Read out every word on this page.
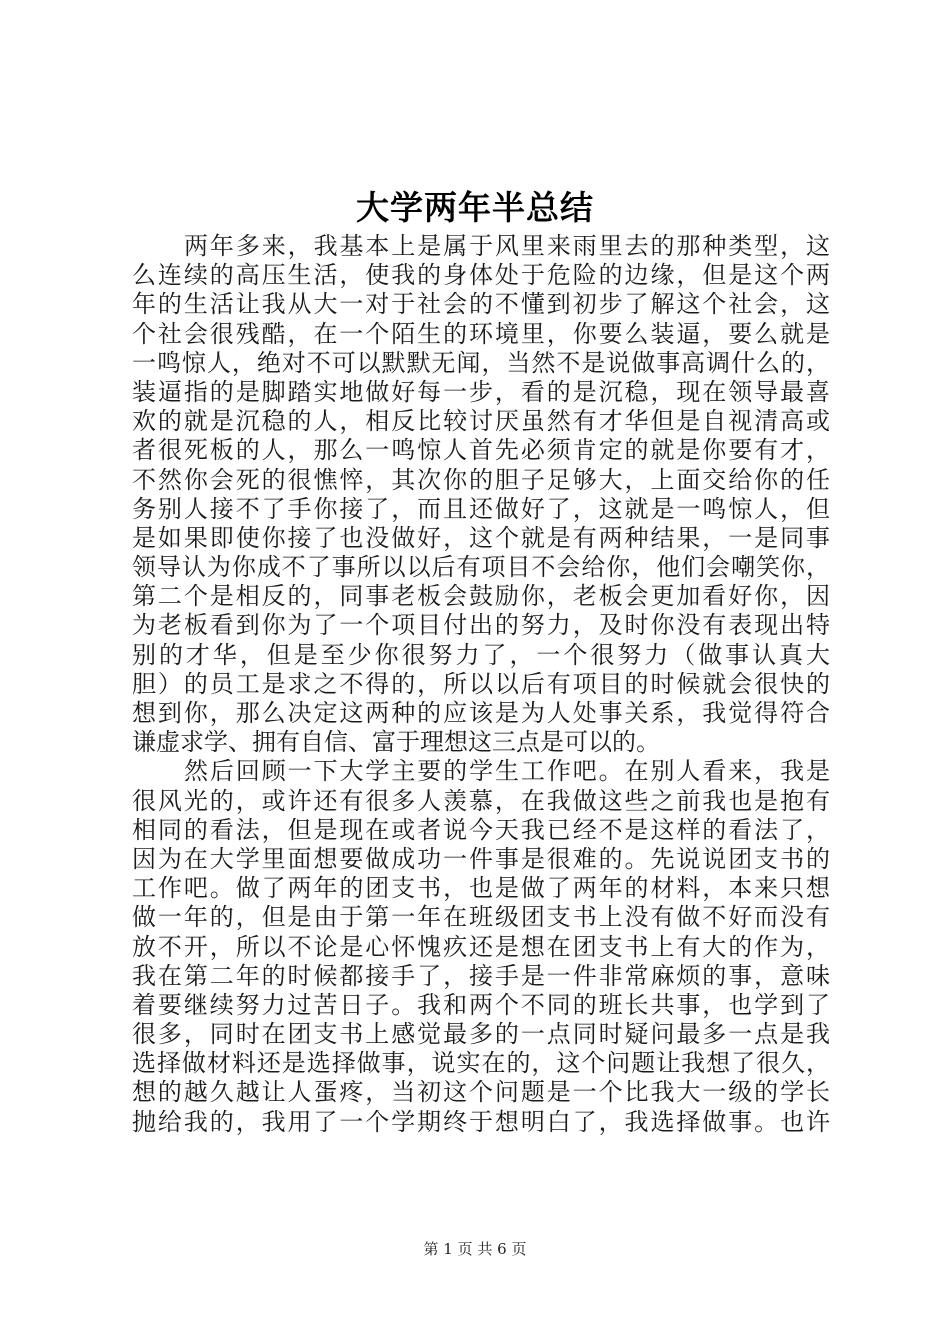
大学两年半总结
两年多来，我基本上是属于风里来雨里去的那种类型，这
么连续的高压生活，使我的身体处于危险的边缘，但是这个两
年的生活让我从大一对于社会的不懂到初步了解这个社会，这
个社会很残酷，在一个陌生的环境里，你要么装逼，要么就是
一鸣惊人，绝对不可以默默无闻，当然不是说做事高调什么的，
装逼指的是脚踏实地做好每一步，看的是沉稳，现在领导最喜
欢的就是沉稳的人，相反比较讨厌虽然有才华但是自视清高或
者很死板的人，那么一鸣惊人首先必须肯定的就是你要有才，
不然你会死的很憔悴，其次你的胆子足够大，上面交给你的任
务别人接不了手你接了，而且还做好了，这就是一鸣惊人，但
是如果即使你接了也没做好，这个就是有两种结果，一是同事
领导认为你成不了事所以以后有项目不会给你，他们会嘲笑你，
第二个是相反的，同事老板会鼓励你，老板会更加看好你，因
为老板看到你为了一个项目付出的努力，及时你没有表现出特
别的才华，但是至少你很努力了，一个很努力（做事认真大
胆）的员工是求之不得的，所以以后有项目的时候就会很快的
想到你，那么决定这两种的应该是为人处事关系，我觉得符合
谦虚求学、拥有自信、富于理想这三点是可以的。
然后回顾一下大学主要的学生工作吧。在别人看来，我是
很风光的，或许还有很多人羡慕，在我做这些之前我也是抱有
相同的看法，但是现在或者说今天我已经不是这样的看法了，
因为在大学里面想要做成功一件事是很难的。先说说团支书的
工作吧。做了两年的团支书，也是做了两年的材料，本来只想
做一年的，但是由于第一年在班级团支书上没有做不好而没有
放不开，所以不论是心怀愧疚还是想在团支书上有大的作为，
我在第二年的时候都接手了，接手是一件非常麻烦的事，意味
着要继续努力过苦日子。我和两个不同的班长共事，也学到了
很多，同时在团支书上感觉最多的一点同时疑问最多一点是我
选择做材料还是选择做事，说实在的，这个问题让我想了很久，
想的越久越让人蛋疼，当初这个问题是一个比我大一级的学长
抛给我的，我用了一个学期终于想明白了，我选择做事。也许
第 1 页 共 6 页
